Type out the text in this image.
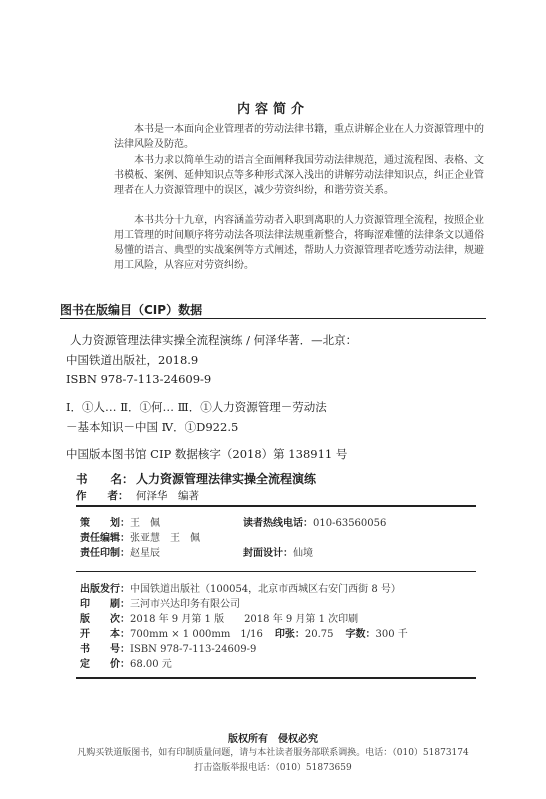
内容简介

本书是一本面向企业管理者的劳动法律书籍，重点讲解企业在人力资源管理中的法律风险及防范。

本书力求以简单生动的语言全面阐释我国劳动法律规范，通过流程图、表格、文书模板、案例、延伸知识点等多种形式深入浅出的讲解劳动法律知识点，纠正企业管理者在人力资源管理中的误区，减少劳资纠纷，和谐劳资关系。

本书共分十九章，内容涵盖劳动者入职到离职的人力资源管理全流程，按照企业用工管理的时间顺序将劳动法各项法律法规重新整合，将晦涩难懂的法律条文以通俗易懂的语言、典型的实战案例等方式阐述，帮助人力资源管理者吃透劳动法律，规避用工风险，从容应对劳资纠纷。

图书在版编目（CIP）数据
人力资源管理法律实操全流程演练 / 何泽华著．—北京：
中国铁道出版社，2018.9
ISBN 978-7-113-24609-9
Ⅰ．①人… Ⅱ．①何… Ⅲ．①人力资源管理－劳动法
－基本知识－中国 Ⅳ．①D922.5
中国版本图书馆 CIP 数据核字（2018）第 138911 号
书　　名： 人力资源管理法律实操全流程演练
作　　者： 何泽华　编著
策　　划：王　佩	读者热线电话：010-63560056
责任编辑：张亚慧　王　佩
责任印制：赵星辰	封面设计：仙境
出版发行：中国铁道出版社（100054，北京市西城区右安门西街 8 号）
印　　刷：三河市兴达印务有限公司
版　　次：2018 年 9 月第 1 版　　2018 年 9 月第 1 次印刷
开　　本：700mm × 1 000mm　1/16 印张：20.75 字数：300 千
书　　号：ISBN 978-7-113-24609-9
定　　价：68.00 元
版权所有　侵权必究
凡购买铁道版图书，如有印制质量问题，请与本社读者服务部联系调换。电话：（010）51873174
打击盗版举报电话：（010）51873659
